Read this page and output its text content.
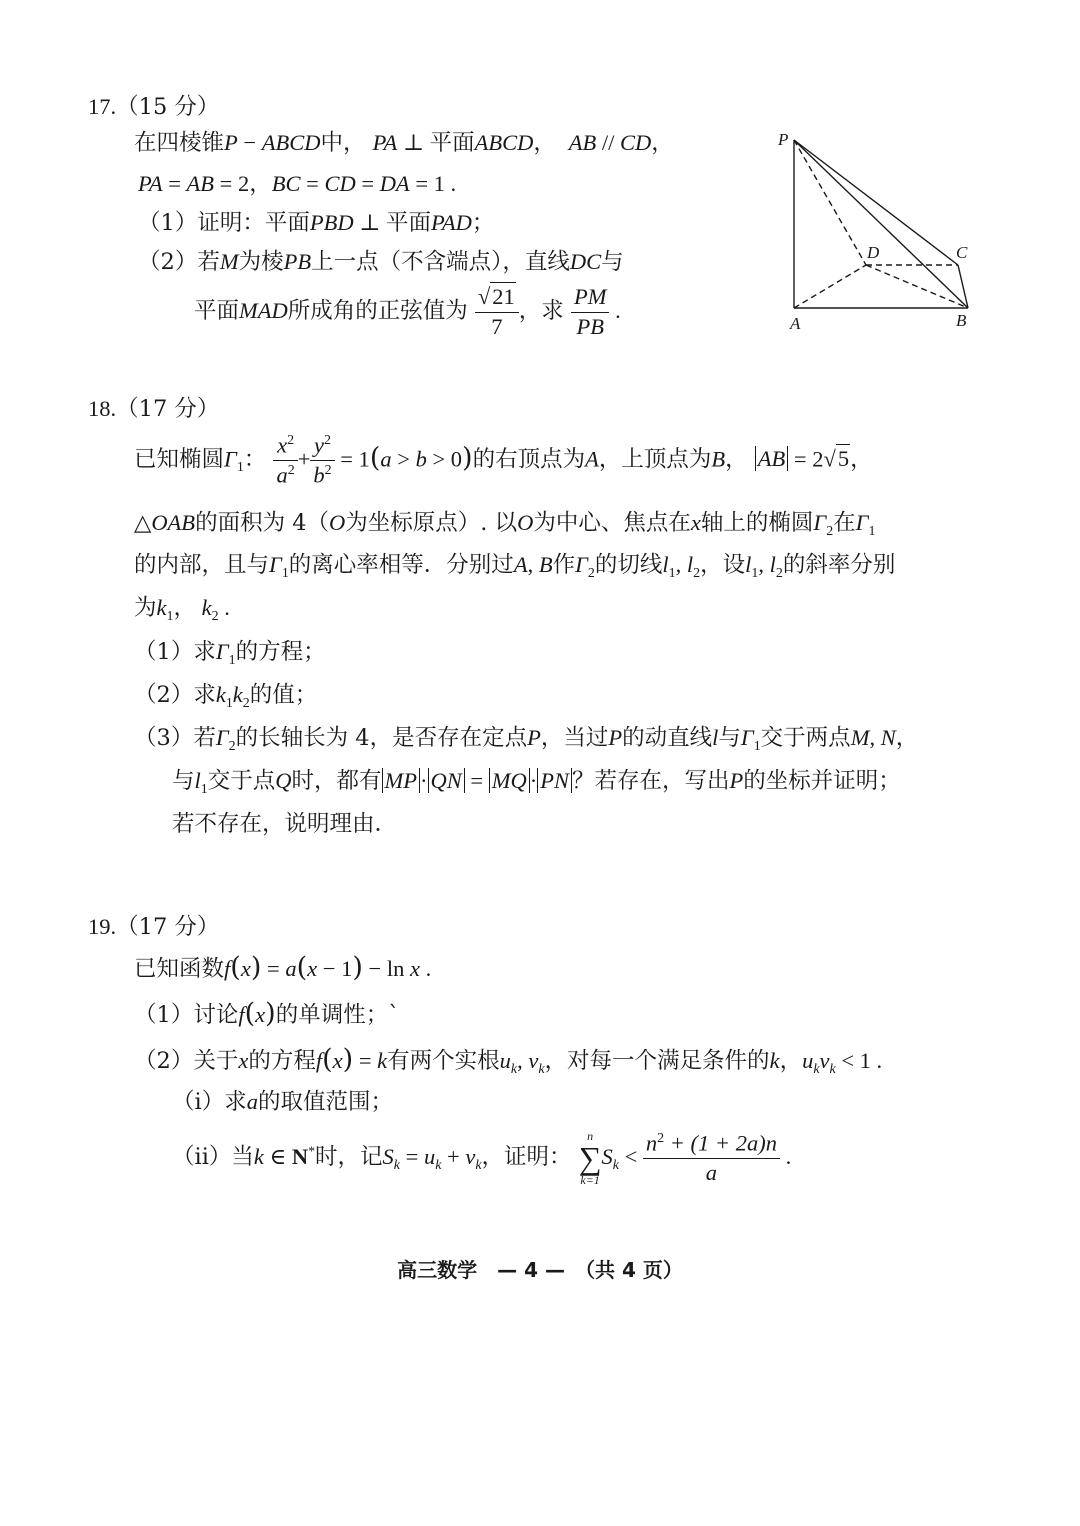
17.（15 分）
在四棱锥P − ABCD中， PA ⊥ 平面ABCD，  AB // CD，
PA = AB = 2，BC = CD = DA = 1 .
（1）证明：平面PBD ⊥ 平面PAD；
（2）若M为棱PB上一点（不含端点），直线DC与
平面MAD所成角的正弦值为 $\frac{√21}{7}$ ，求 $\frac{PM}{PB}$ .
P
D	C
A	B
18.（17 分）
已知椭圆$\Gamma_1$： $\frac{x^2}{a^2} + \frac{y^2}{b^2} = 1(a > b > 0)$的右顶点为A，上顶点为B， AB = 2√5，
△OAB的面积为 4（O为坐标原点）. 以O为中心、焦点在x轴上的椭圆$\Gamma_2$在$\Gamma_1$
的内部，且与$\Gamma_1$的离心率相等．分别过A, B作$\Gamma_2$的切线$l_1$, $l_2$，设$l_1$, $l_2$的斜率分别
为$k_1$， $k_2$ .
（1）求$\Gamma_1$的方程；
（2）求$k_1k_2$的值；
（3）若$\Gamma_2$的长轴长为 4，是否存在定点P，当过P的动直线l与$\Gamma_1$交于两点M, N，
与$l_1$交于点Q时，都有 MP · QN = MQ · PN ？若存在，写出P的坐标并证明；
若不存在，说明理由．
19.（17 分）
已知函数f(x) = a(x − 1) − ln x .
（1）讨论f(x)的单调性；`
（2）关于x的方程f(x) = k有两个实根$u_k$, $v_k$，对每一个满足条件的k，$u_kv_k < 1$ .
（i）求a的取值范围；
（ii）当k ∈ N*时，记$S_k = u_k + v_k$，证明： n
∑
$k=1S_k < \frac{n^2 + (1 + 2a)n}{a}$ .
高三数学　— 4 —　（共 4 页）
